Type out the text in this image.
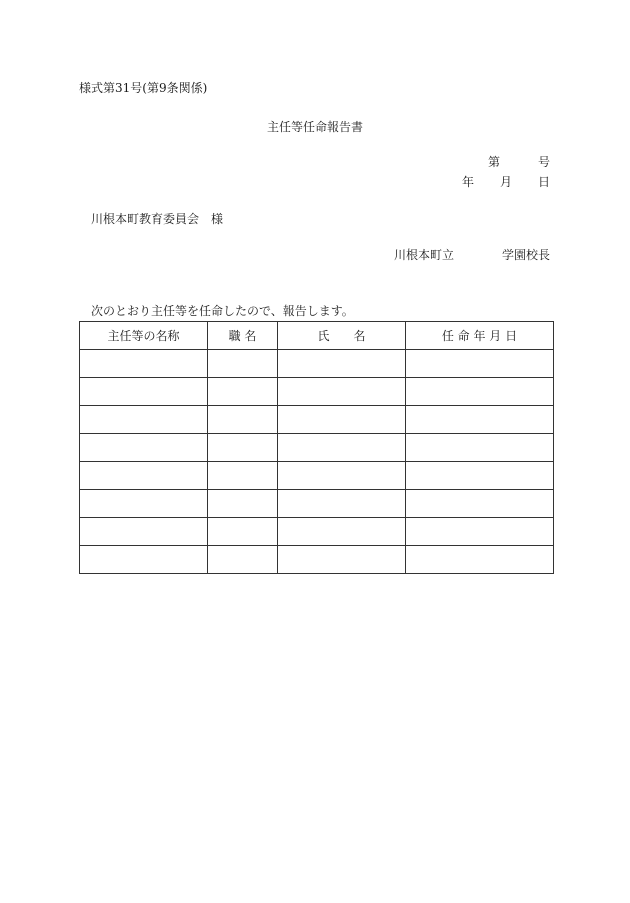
様式第31号(第9条関係)
主任等任命報告書
第	号
年 月 日
川根本町教育委員会 様
川根本町立	学園校長
次のとおり主任等を任命したので、報告します。
主任等の名称	職 名	氏　　名	任 命 年 月 日
